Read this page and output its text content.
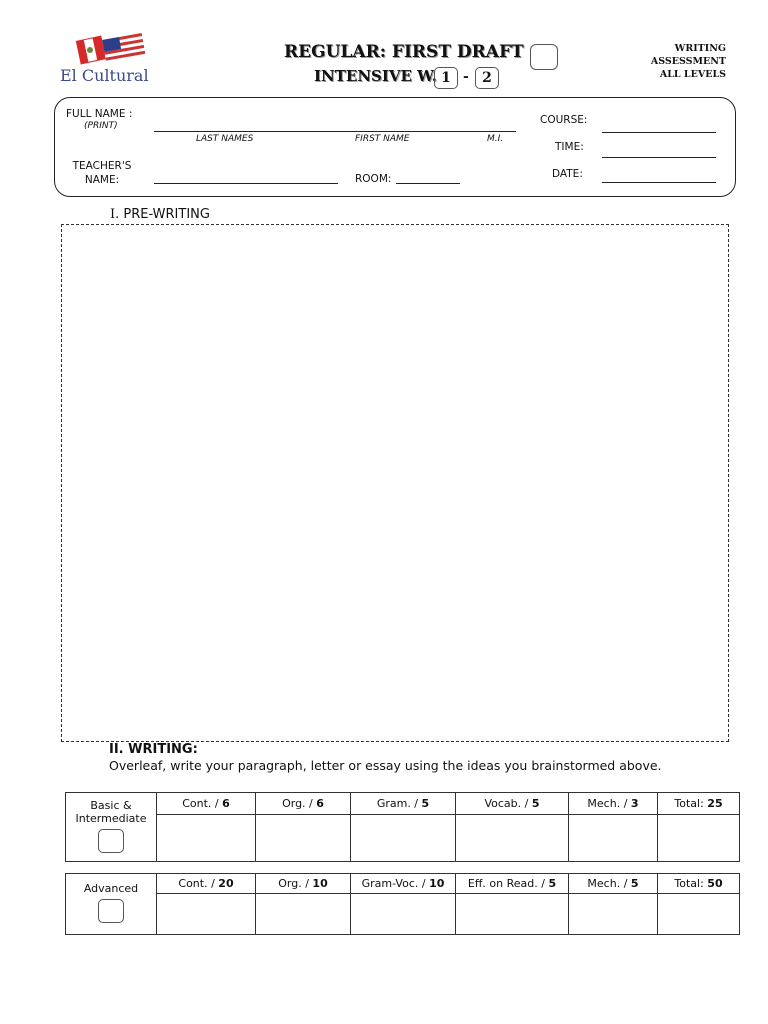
El Cultural
REGULAR: FIRST DRAFT
INTENSIVE W. 1 - 2
WRITING
ASSESSMENT
ALL LEVELS
FULL NAME :
(PRINT)
LAST NAMES	FIRST NAME	M.I.
TEACHER'S
NAME:	ROOM:
COURSE:
TIME:
DATE:
I. PRE-WRITING
II. WRITING:
Overleaf, write your paragraph, letter or essay using the ideas you brainstormed above.
Basic &
Intermediate	Cont. / 6	Org. / 6	Gram. / 5	Vocab. / 5	Mech. / 3	Total: 25

Advanced	Cont. / 20	Org. / 10	Gram-Voc. / 10	Eff. on Read. / 5	Mech. / 5	Total: 50
